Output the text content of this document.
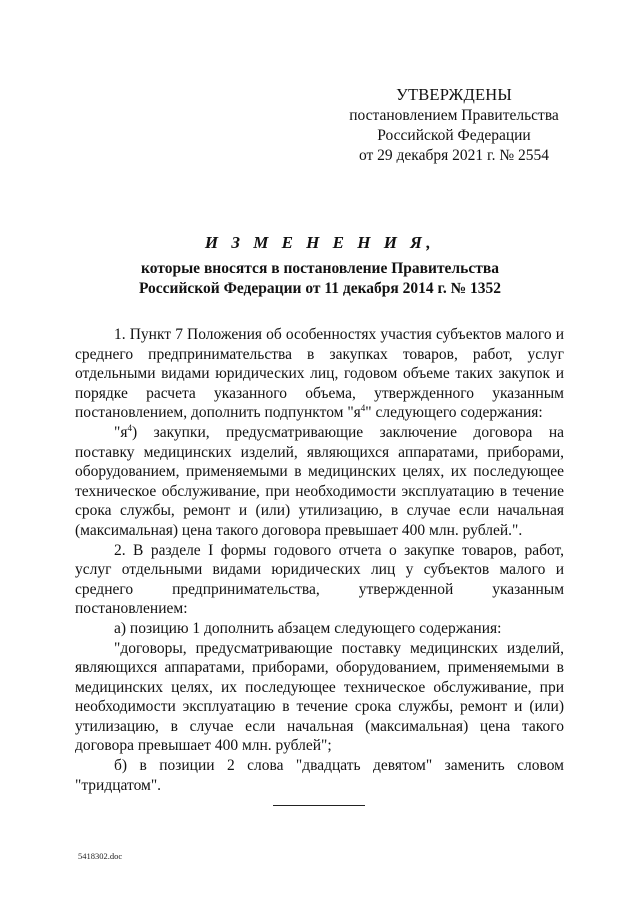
УТВЕРЖДЕНЫ
постановлением Правительства
Российской Федерации
от 29 декабря 2021 г. № 2554
И З М Е Н Е Н И Я,
которые вносятся в постановление Правительства
Российской Федерации от 11 декабря 2014 г. № 1352

1. Пункт 7 Положения об особенностях участия субъектов малого и среднего предпринимательства в закупках товаров, работ, услуг отдельными видами юридических лиц, годовом объеме таких закупок и порядке расчета указанного объема, утвержденного указанным постановлением, дополнить подпунктом "$я^4$" следующего содержания:

"$я^4$) закупки, предусматривающие заключение договора на поставку медицинских изделий, являющихся аппаратами, приборами, оборудованием, применяемыми в медицинских целях, их последующее техническое обслуживание, при необходимости эксплуатацию в течение срока службы, ремонт и (или) утилизацию, в случае если начальная (максимальная) цена такого договора превышает 400 млн. рублей.".

2. В разделе I формы годового отчета о закупке товаров, работ, услуг отдельными видами юридических лиц у субъектов малого и среднего предпринимательства, утвержденной указанным постановлением:

а) позицию 1 дополнить абзацем следующего содержания:

"договоры, предусматривающие поставку медицинских изделий, являющихся аппаратами, приборами, оборудованием, применяемыми в медицинских целях, их последующее техническое обслуживание, при необходимости эксплуатацию в течение срока службы, ремонт и (или) утилизацию, в случае если начальная (максимальная) цена такого договора превышает 400 млн. рублей";

б) в позиции 2 слова "двадцать девятом" заменить словом "тридцатом".

5418302.doc
